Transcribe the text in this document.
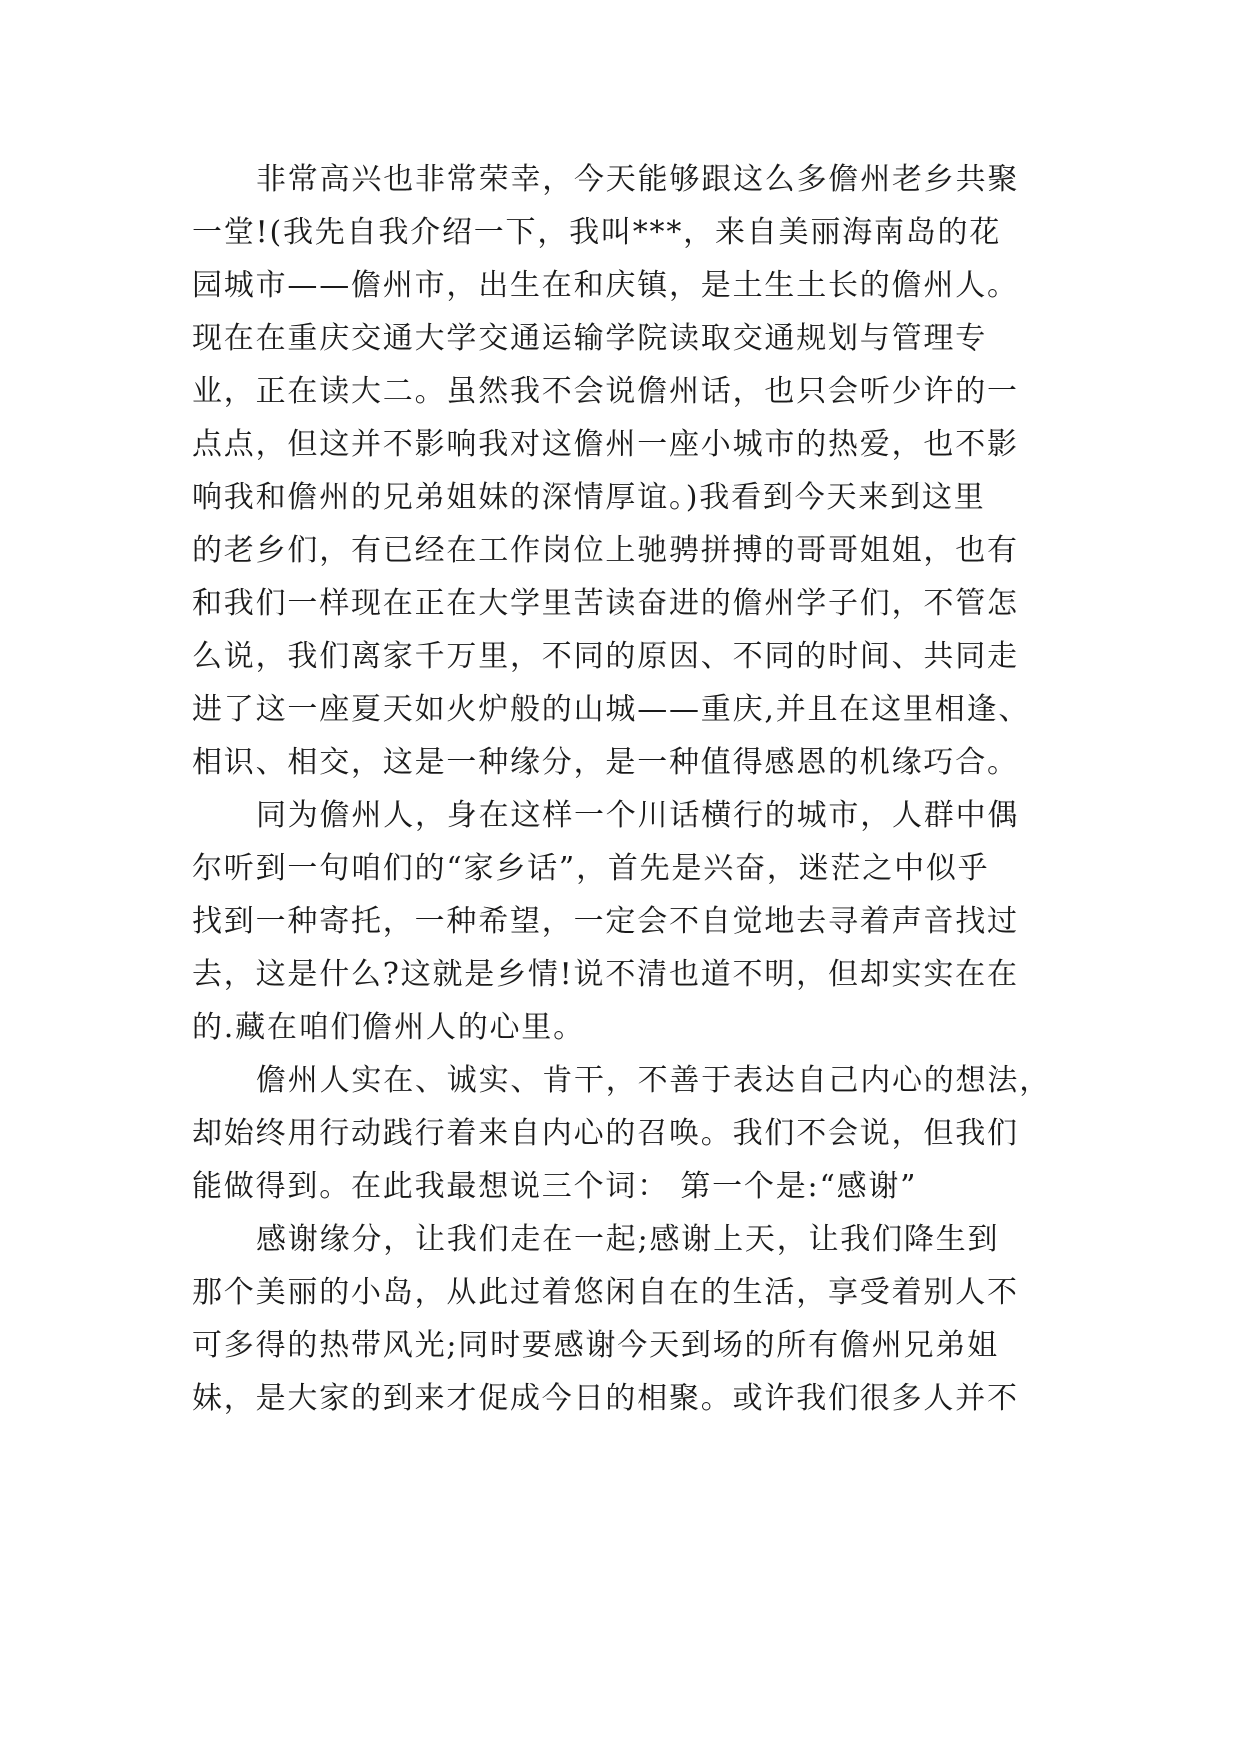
非常高兴也非常荣幸，今天能够跟这么多儋州老乡共聚
一堂!(我先自我介绍一下，我叫***，来自美丽海南岛的花
园城市——儋州市，出生在和庆镇，是土生土长的儋州人。
现在在重庆交通大学交通运输学院读取交通规划与管理专
业，正在读大二。虽然我不会说儋州话，也只会听少许的一
点点，但这并不影响我对这儋州一座小城市的热爱，也不影
响我和儋州的兄弟姐妹的深情厚谊。)我看到今天来到这里
的老乡们，有已经在工作岗位上驰骋拼搏的哥哥姐姐，也有
和我们一样现在正在大学里苦读奋进的儋州学子们，不管怎
么说，我们离家千万里，不同的原因、不同的时间、共同走
进了这一座夏天如火炉般的山城——重庆,并且在这里相逢、
相识、相交，这是一种缘分，是一种值得感恩的机缘巧合。
同为儋州人，身在这样一个川话横行的城市，人群中偶
尔听到一句咱们的“家乡话”，首先是兴奋，迷茫之中似乎
找到一种寄托，一种希望，一定会不自觉地去寻着声音找过
去，这是什么?这就是乡情!说不清也道不明，但却实实在在
的.藏在咱们儋州人的心里。
儋州人实在、诚实、肯干，不善于表达自己内心的想法，
却始终用行动践行着来自内心的召唤。我们不会说，但我们
能做得到。在此我最想说三个词： 第一个是:“感谢”
感谢缘分，让我们走在一起;感谢上天，让我们降生到
那个美丽的小岛，从此过着悠闲自在的生活，享受着别人不
可多得的热带风光;同时要感谢今天到场的所有儋州兄弟姐
妹，是大家的到来才促成今日的相聚。或许我们很多人并不
